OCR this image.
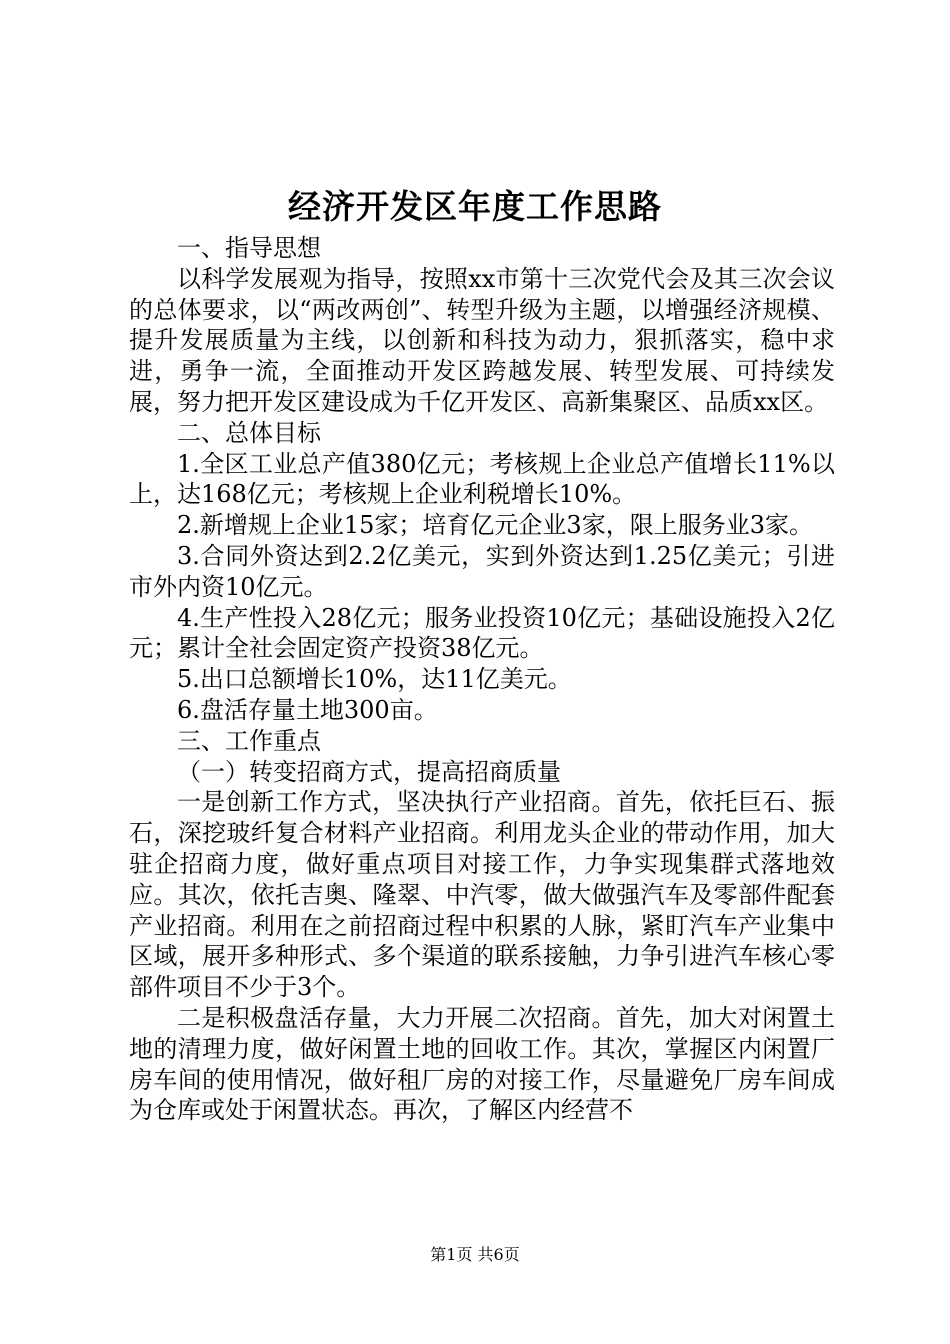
经济开发区年度工作思路

一、指导思想

以科学发展观为指导，按照xx市第十三次党代会及其三次会议的总体要求，以“两改两创”、转型升级为主题，以增强经济规模、提升发展质量为主线，以创新和科技为动力，狠抓落实，稳中求进，勇争一流，全面推动开发区跨越发展、转型发展、可持续发展，努力把开发区建设成为千亿开发区、高新集聚区、品质xx区。

二、总体目标

1.全区工业总产值380亿元；考核规上企业总产值增长11%以上，达168亿元；考核规上企业利税增长10%。

2.新增规上企业15家；培育亿元企业3家，限上服务业3家。

3.合同外资达到2.2亿美元，实到外资达到1.25亿美元；引进市外内资10亿元。

4.生产性投入28亿元；服务业投资10亿元；基础设施投入2亿元；累计全社会固定资产投资38亿元。

5.出口总额增长10%，达11亿美元。

6.盘活存量土地300亩。

三、工作重点

（一）转变招商方式，提高招商质量

一是创新工作方式，坚决执行产业招商。首先，依托巨石、振石，深挖玻纤复合材料产业招商。利用龙头企业的带动作用，加大驻企招商力度，做好重点项目对接工作，力争实现集群式落地效应。其次，依托吉奥、隆翠、中汽零，做大做强汽车及零部件配套产业招商。利用在之前招商过程中积累的人脉，紧盯汽车产业集中区域，展开多种形式、多个渠道的联系接触，力争引进汽车核心零部件项目不少于3个。

二是积极盘活存量，大力开展二次招商。首先，加大对闲置土地的清理力度，做好闲置土地的回收工作。其次，掌握区内闲置厂房车间的使用情况，做好租厂房的对接工作，尽量避免厂房车间成为仓库或处于闲置状态。再次，了解区内经营不

第1页 共6页
